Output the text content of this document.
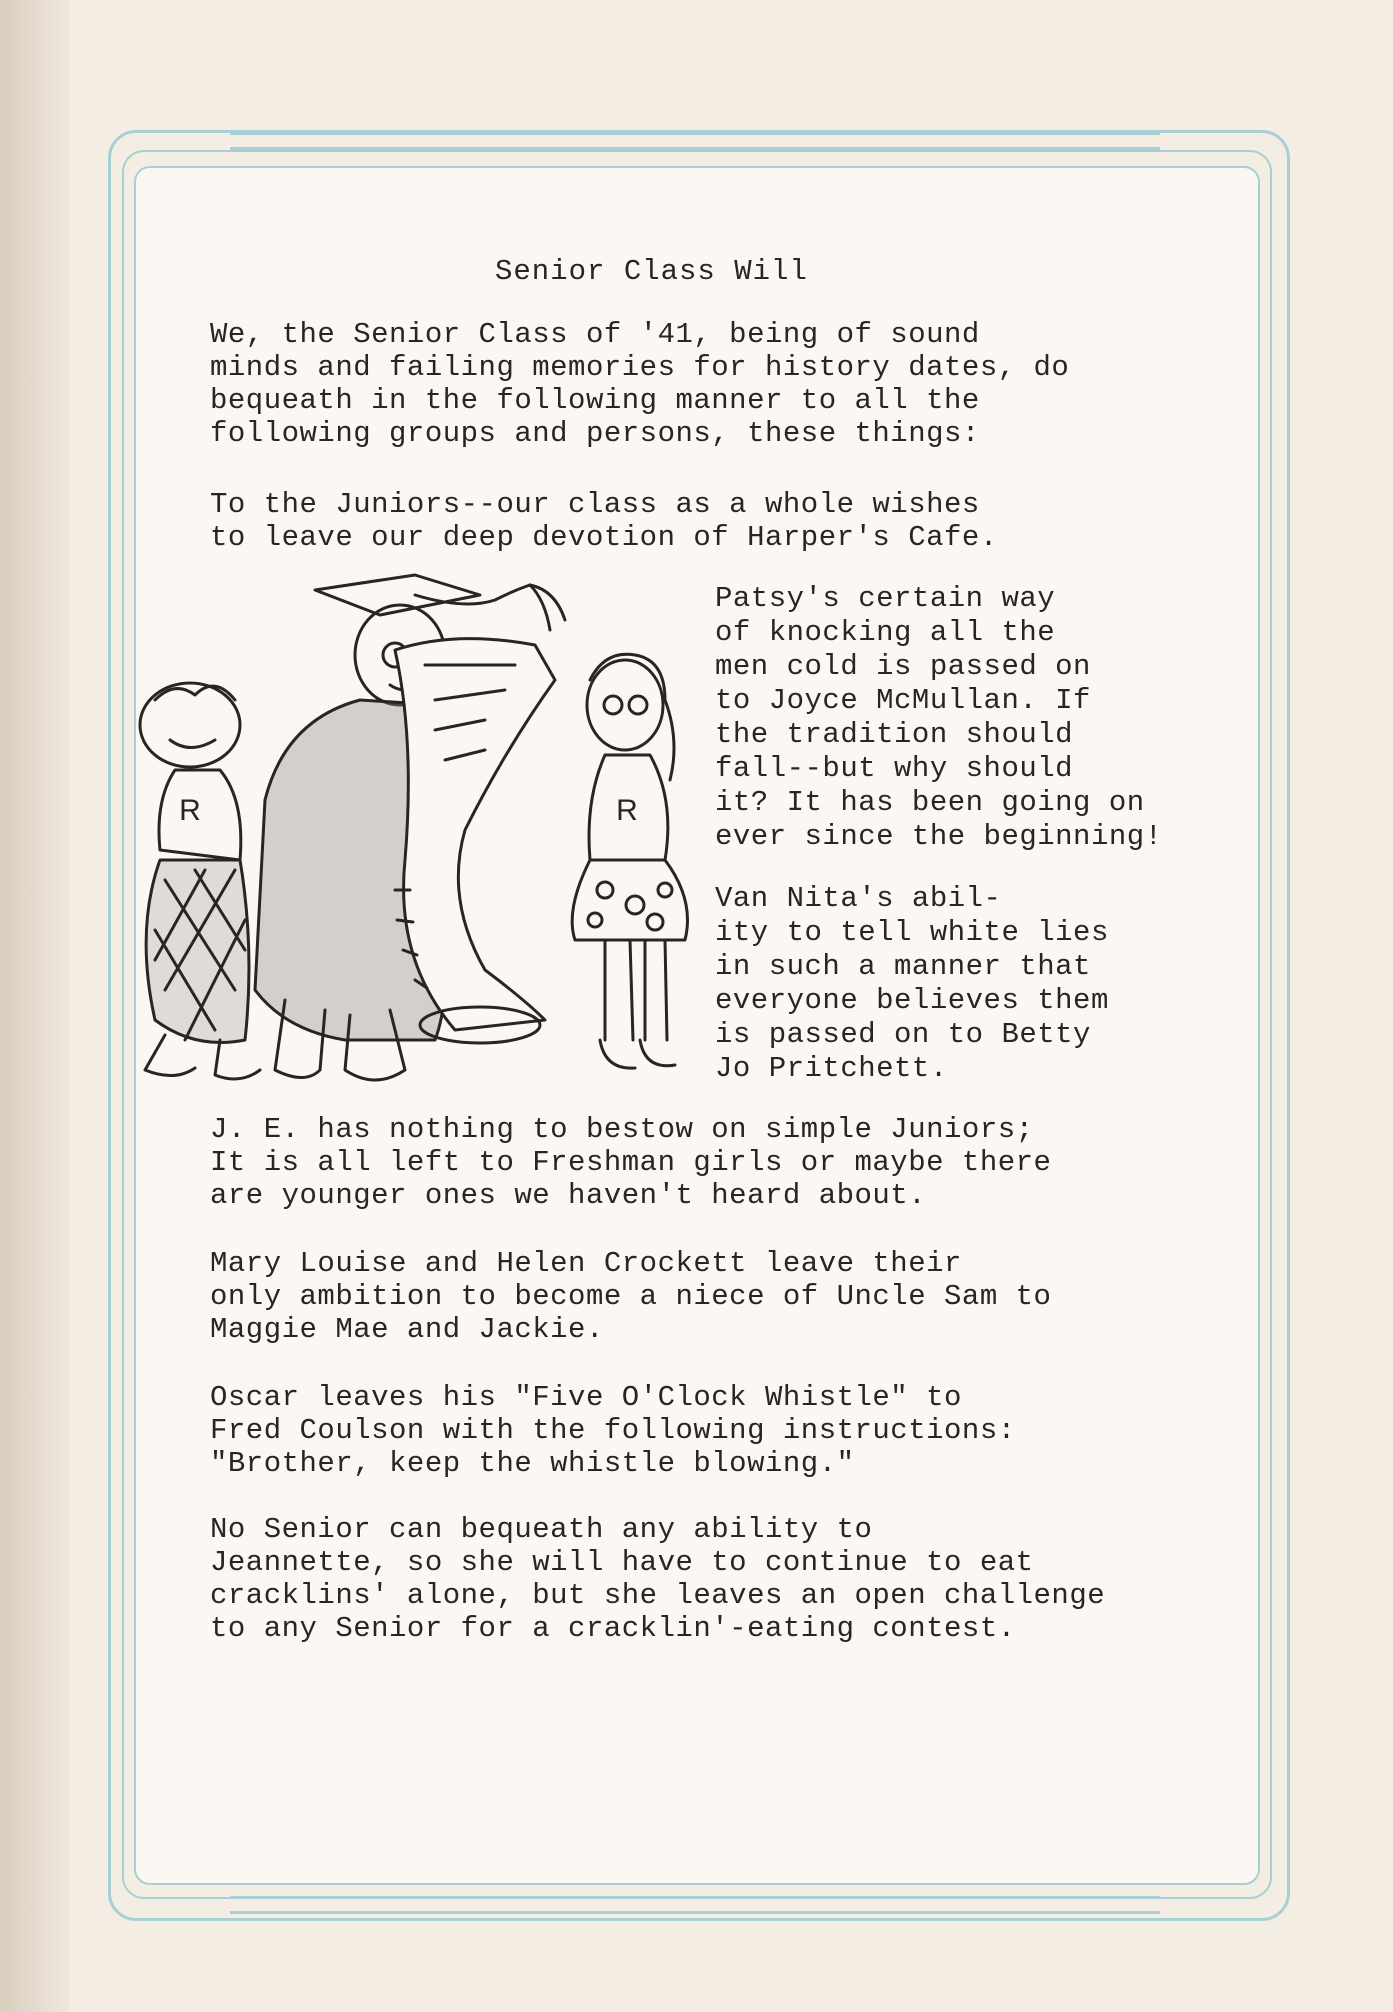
Senior Class Will
We, the Senior Class of '41, being of sound
minds and failing memories for history dates, do
bequeath in the following manner to all the
following groups and persons, these things:
To the Juniors--our class as a whole wishes
to leave our deep devotion of Harper's Cafe.
Patsy's certain way
of knocking all the
men cold is passed on
to Joyce McMullan. If
the tradition should
fall--but why should
it? It has been going on
ever since the beginning!
Van Nita's abil-
ity to tell white lies
in such a manner that
everyone believes them
is passed on to Betty
Jo Pritchett.
R	R
J. E. has nothing to bestow on simple Juniors;
It is all left to Freshman girls or maybe there
are younger ones we haven't heard about.
Mary Louise and Helen Crockett leave their
only ambition to become a niece of Uncle Sam to
Maggie Mae and Jackie.
Oscar leaves his "Five O'Clock Whistle" to
Fred Coulson with the following instructions:
"Brother, keep the whistle blowing."
No Senior can bequeath any ability to
Jeannette, so she will have to continue to eat
cracklins' alone, but she leaves an open challenge
to any Senior for a cracklin'-eating contest.
